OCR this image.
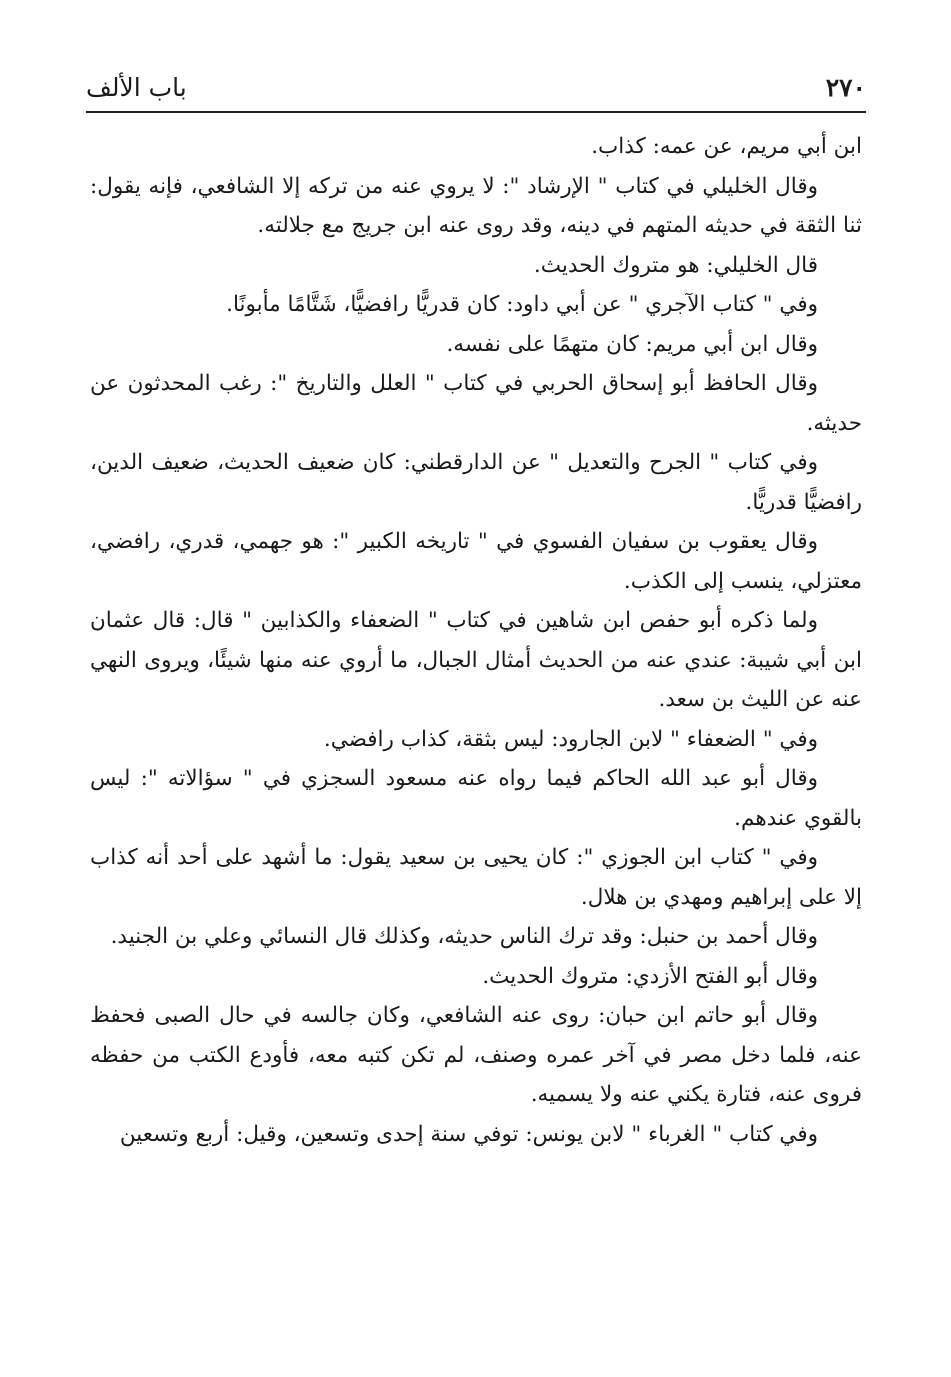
٢٧٠
باب الألف

ابن أبي مريم، عن عمه: كذاب.

وقال الخليلي في كتاب " الإرشاد ": لا يروي عنه من تركه إلا الشافعي، فإنه يقول: ثنا الثقة في حديثه المتهم في دينه، وقد روى عنه ابن جريج مع جلالته.

قال الخليلي: هو متروك الحديث.

وفي " كتاب الآجري " عن أبي داود: كان قدريًّا رافضيًّا، شَتَّامًا مأبونًا.

وقال ابن أبي مريم: كان متهمًا على نفسه.

وقال الحافظ أبو إسحاق الحربي في كتاب " العلل والتاريخ ": رغب المحدثون عن حديثه.

وفي كتاب " الجرح والتعديل " عن الدارقطني: كان ضعيف الحديث، ضعيف الدين، رافضيًّا قدريًّا.

وقال يعقوب بن سفيان الفسوي في " تاريخه الكبير ": هو جهمي، قدري، رافضي، معتزلي، ينسب إلى الكذب.

ولما ذكره أبو حفص ابن شاهين في كتاب " الضعفاء والكذابين " قال: قال عثمان ابن أبي شيبة: عندي عنه من الحديث أمثال الجبال، ما أروي عنه منها شيئًا، ويروى النهي عنه عن الليث بن سعد.

وفي " الضعفاء " لابن الجارود: ليس بثقة، كذاب رافضي.

وقال أبو عبد الله الحاكم فيما رواه عنه مسعود السجزي في " سؤالاته ": ليس بالقوي عندهم.

وفي " كتاب ابن الجوزي ": كان يحيى بن سعيد يقول: ما أشهد على أحد أنه كذاب إلا على إبراهيم ومهدي بن هلال.

وقال أحمد بن حنبل: وقد ترك الناس حديثه، وكذلك قال النسائي وعلي بن الجنيد.

وقال أبو الفتح الأزدي: متروك الحديث.

وقال أبو حاتم ابن حبان: روى عنه الشافعي، وكان جالسه في حال الصبى فحفظ عنه، فلما دخل مصر في آخر عمره وصنف، لم تكن كتبه معه، فأودع الكتب من حفظه فروى عنه، فتارة يكني عنه ولا يسميه.

وفي كتاب " الغرباء " لابن يونس: توفي سنة إحدى وتسعين، وقيل: أربع وتسعين
